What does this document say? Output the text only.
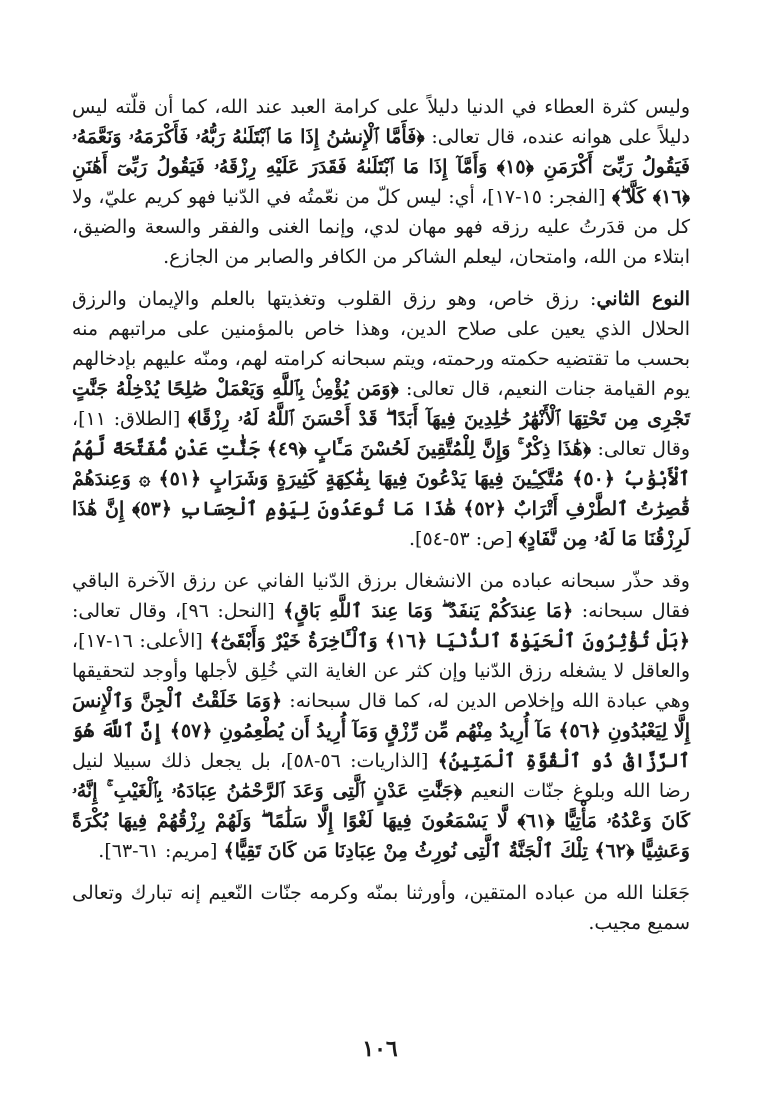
وليس كثرة العطاء في الدنيا دليلاً على كرامة العبد عند الله، كما أن قلّته ليس دليلاً على هوانه عنده، قال تعالى: ﴿فَأَمَّا ٱلْإِنسَٰنُ إِذَا مَا ٱبْتَلَىٰهُ رَبُّهُۥ فَأَكْرَمَهُۥ وَنَعَّمَهُۥ فَيَقُولُ رَبِّىٓ أَكْرَمَنِ ﴿١٥﴾ وَأَمَّآ إِذَا مَا ٱبْتَلَىٰهُ فَقَدَرَ عَلَيْهِ رِزْقَهُۥ فَيَقُولُ رَبِّىٓ أَهَٰنَنِ ﴿١٦﴾ كَلَّا ۖ﴾ [الفجر: ١٥-١٧]، أي: ليس كلّ من نعّمتُه في الدّنيا فهو كريم عليّ، ولا كل من قدَرتُ عليه رزقه فهو مهان لدي، وإنما الغنى والفقر والسعة والضيق، ابتلاء من الله، وامتحان، ليعلم الشاكر من الكافر والصابر من الجازع.

النوع الثاني: رزق خاص، وهو رزق القلوب وتغذيتها بالعلم والإيمان والرزق الحلال الذي يعين على صلاح الدين، وهذا خاص بالمؤمنين على مراتبهم منه بحسب ما تقتضيه حكمته ورحمته، ويتم سبحانه كرامته لهم، ومنّه عليهم بإدخالهم يوم القيامة جنات النعيم، قال تعالى: ﴿وَمَن يُؤْمِنۢ بِٱللَّهِ وَيَعْمَلْ صَٰلِحًا يُدْخِلْهُ جَنَّٰتٍ تَجْرِى مِن تَحْتِهَا ٱلْأَنْهَٰرُ خَٰلِدِينَ فِيهَآ أَبَدًا ۖ قَدْ أَحْسَنَ ٱللَّهُ لَهُۥ رِزْقًا﴾ [الطلاق: ١١]، وقال تعالى: ﴿هَٰذَا ذِكْرٌ ۚ وَإِنَّ لِلْمُتَّقِينَ لَحُسْنَ مَـَٔابٍ ﴿٤٩﴾ جَنَّٰتِ عَدْنٍ مُّفَتَّحَةً لَّهُمُ ٱلْأَبْوَٰبُ ﴿٥٠﴾ مُتَّكِـِٔينَ فِيهَا يَدْعُونَ فِيهَا بِفَٰكِهَةٍ كَثِيرَةٍ وَشَرَابٍ ﴿٥١﴾ ۞ وَعِندَهُمْ قَٰصِرَٰتُ ٱلطَّرْفِ أَتْرَابٌ ﴿٥٢﴾ هَٰذَا مَا تُوعَدُونَ لِيَوْمِ ٱلْحِسَابِ ﴿٥٣﴾ إِنَّ هَٰذَا لَرِزْقُنَا مَا لَهُۥ مِن نَّفَادٍ﴾ [ص: ٥٣-٥٤].

وقد حذّر سبحانه عباده من الانشغال برزق الدّنيا الفاني عن رزق الآخرة الباقي فقال سبحانه: ﴿مَا عِندَكُمْ يَنفَدُ ۖ وَمَا عِندَ ٱللَّهِ بَاقٍ﴾ [النحل: ٩٦]، وقال تعالى: ﴿بَلْ تُؤْثِرُونَ ٱلْحَيَوٰةَ ٱلدُّنْيَا ﴿١٦﴾ وَٱلْـَٔاخِرَةُ خَيْرٌ وَأَبْقَىٰٓ﴾ [الأعلى: ١٦-١٧]، والعاقل لا يشغله رزق الدّنيا وإن كثر عن الغاية التي خُلِق لأجلها وأوجد لتحقيقها وهي عبادة الله وإخلاص الدين له، كما قال سبحانه: ﴿وَمَا خَلَقْتُ ٱلْجِنَّ وَٱلْإِنسَ إِلَّا لِيَعْبُدُونِ ﴿٥٦﴾ مَآ أُرِيدُ مِنْهُم مِّن رِّزْقٍ وَمَآ أُرِيدُ أَن يُطْعِمُونِ ﴿٥٧﴾ إِنَّ ٱللَّهَ هُوَ ٱلرَّزَّاقُ ذُو ٱلْقُوَّةِ ٱلْمَتِينُ﴾ [الذاريات: ٥٦-٥٨]، بل يجعل ذلك سبيلا لنيل رضا الله وبلوغ جنّات النعيم ﴿جَنَّٰتِ عَدْنٍ ٱلَّتِى وَعَدَ ٱلرَّحْمَٰنُ عِبَادَهُۥ بِٱلْغَيْبِ ۚ إِنَّهُۥ كَانَ وَعْدُهُۥ مَأْتِيًّا ﴿٦١﴾ لَّا يَسْمَعُونَ فِيهَا لَغْوًا إِلَّا سَلَٰمًا ۖ وَلَهُمْ رِزْقُهُمْ فِيهَا بُكْرَةً وَعَشِيًّا ﴿٦٢﴾ تِلْكَ ٱلْجَنَّةُ ٱلَّتِى نُورِثُ مِنْ عِبَادِنَا مَن كَانَ تَقِيًّا﴾ [مريم: ٦١-٦٣].

جَعَلنا الله من عباده المتقين، وأورثنا بمنّه وكرمه جنّات النّعيم إنه تبارك وتعالى سميع مجيب.

١٠٦
